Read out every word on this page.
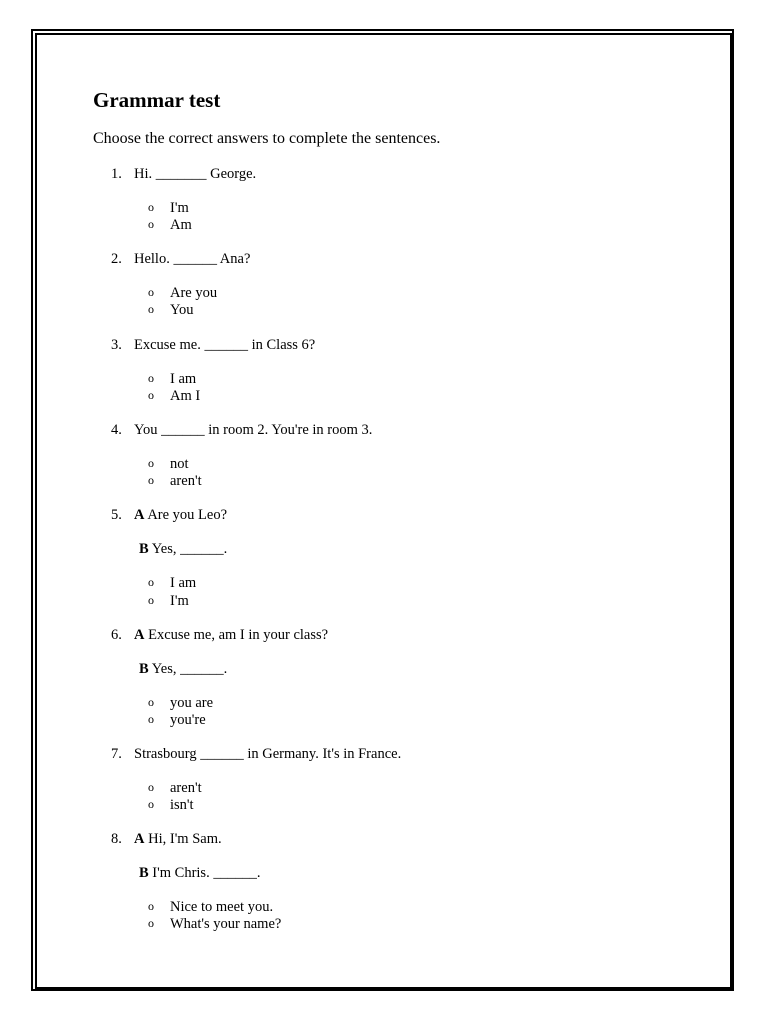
Grammar test
Choose the correct answers to complete the sentences.
1. Hi. _______ George.
o I'm
o Am
2. Hello. ______ Ana?
o Are you
o You
3. Excuse me. ______ in Class 6?
o I am
o Am I
4. You ______ in room 2. You're in room 3.
o not
o aren't
5. A Are you Leo?
B Yes, ______.
o I am
o I'm
6. A Excuse me, am I in your class?
B Yes, ______.
o you are
o you're
7. Strasbourg ______ in Germany. It's in France.
o aren't
o isn't
8. A Hi, I'm Sam.
B I'm Chris. ______.
o Nice to meet you.
o What's your name?
